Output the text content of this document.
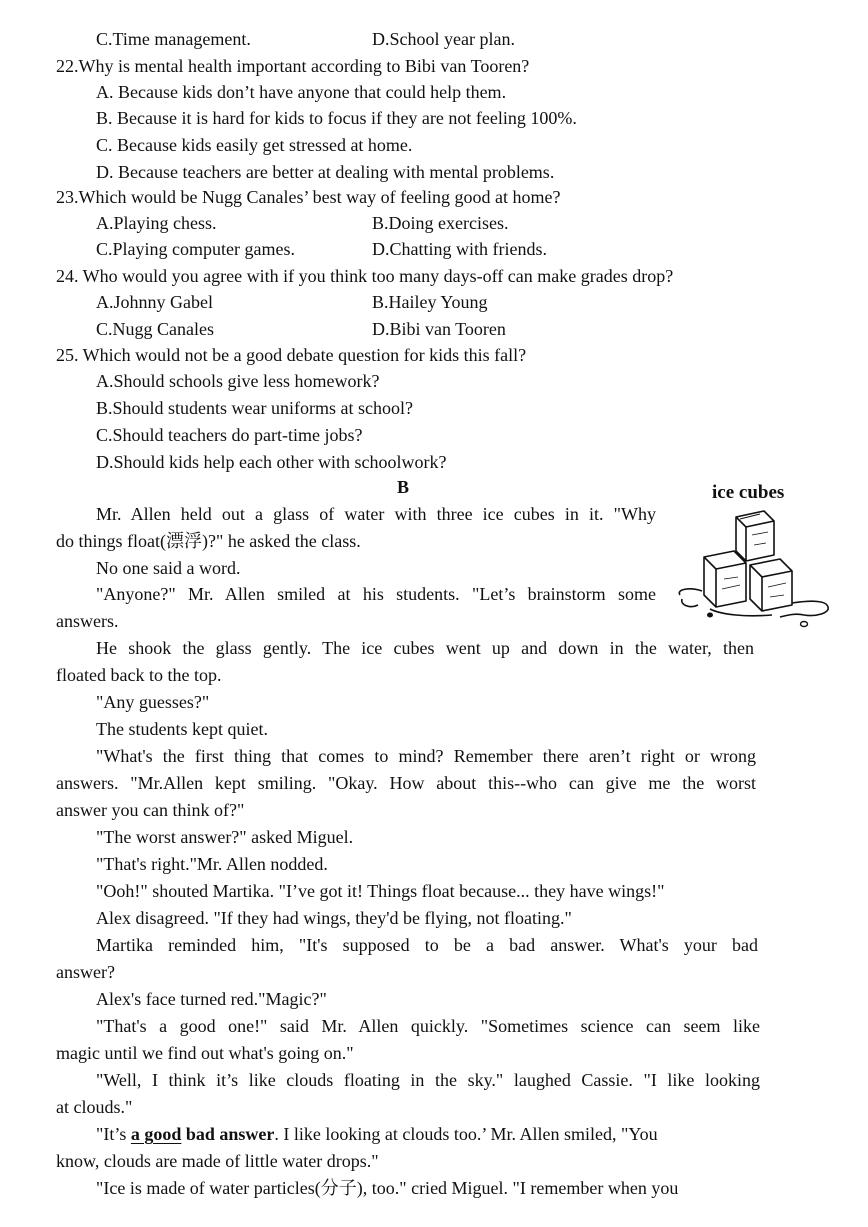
C.Time management.	D.School year plan.
22.Why is mental health important according to Bibi van Tooren?
A. Because kids don’t have anyone that could help them.
B. Because it is hard for kids to focus if they are not feeling 100%.
C. Because kids easily get stressed at home.
D. Because teachers are better at dealing with mental problems.
23.Which would be Nugg Canales’ best way of feeling good at home?
A.Playing chess.	B.Doing exercises.
C.Playing computer games.	D.Chatting with friends.
24. Who would you agree with if you think too many days-off can make grades drop?
A.Johnny Gabel	B.Hailey Young
C.Nugg Canales	D.Bibi van Tooren
25. Which would not be a good debate question for kids this fall?
A.Should schools give less homework?
B.Should students wear uniforms at school?
C.Should teachers do part-time jobs?
D.Should kids help each other with schoolwork?
B	ice cubes
Mr. Allen held out a glass of water with three ice cubes in it. "Why
do things float(漂浮)?" he asked the class.
No one said a word.
"Anyone?" Mr. Allen smiled at his students. "Let’s brainstorm some
answers.
He shook the glass gently. The ice cubes went up and down in the water, then
floated back to the top.
"Any guesses?"
The students kept quiet.
"What's the first thing that comes to mind? Remember there aren’t right or wrong
answers. "Mr.Allen kept smiling. "Okay. How about this--who can give me the worst
answer you can think of?"
"The worst answer?" asked Miguel.
"That's right."Mr. Allen nodded.
"Ooh!" shouted Martika. "I’ve got it! Things float because... they have wings!"
Alex disagreed. "If they had wings, they'd be flying, not floating."
Martika reminded him, "It's supposed to be a bad answer. What's your bad
answer?
Alex's face turned red."Magic?"
"That's a good one!" said Mr. Allen quickly. "Sometimes science can seem like
magic until we find out what's going on."
"Well, I think it’s like clouds floating in the sky." laughed Cassie. "I like looking
at clouds."
"It’s a good bad answer. I like looking at clouds too.’ Mr. Allen smiled, "You
know, clouds are made of little water drops."
"Ice is made of water particles(分子), too." cried Miguel. "I remember when you
